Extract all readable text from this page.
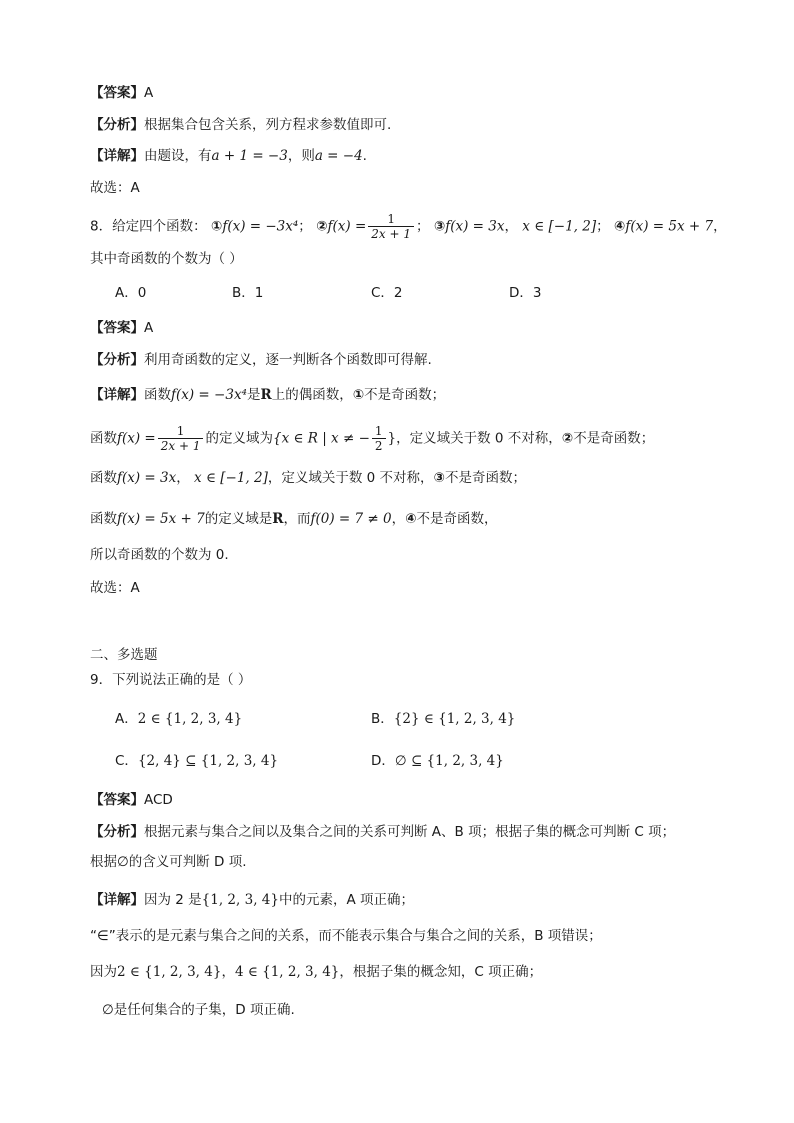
【答案】A
【分析】根据集合包含关系，列方程求参数值即可.
【详解】由题设，有a + 1 = −3，则a = −4.
故选：A
8．给定四个函数： ①f(x) = −3x⁴； ②f(x) = $\frac{1}{2x + 1}$ ； ③f(x) = 3x， x ∈ [−1, 2]； ④f(x) = 5x + 7，
其中奇函数的个数为（ ）
A．0	B．1	C．2	D．3
【答案】A
【分析】利用奇函数的定义，逐一判断各个函数即可得解.
【详解】函数f(x) = −3x⁴是R上的偶函数，①不是奇函数；
函数$f(x) = \frac{1}{2x + 1}$ 的定义域为{x ∈ R | x ≠ − $\frac{1}{2}$ }，定义域关于数 0 不对称，②不是奇函数；
函数f(x) = 3x， x ∈ [−1, 2]，定义域关于数 0 不对称，③不是奇函数；
函数f(x) = 5x + 7的定义域是R，而f(0) = 7 ≠ 0，④不是奇函数，
所以奇函数的个数为 0.
故选：A
二、多选题
9．下列说法正确的是（ ）
A．2 ∈ {1, 2, 3, 4}	B．{2} ∈ {1, 2, 3, 4}
C．{2, 4} ⊆ {1, 2, 3, 4}	D．∅ ⊆ {1, 2, 3, 4}
【答案】ACD
【分析】根据元素与集合之间以及集合之间的关系可判断 A、B 项；根据子集的概念可判断 C 项；
根据∅的含义可判断 D 项.
【详解】因为 2 是{1, 2, 3, 4}中的元素，A 项正确；
“∈”表示的是元素与集合之间的关系，而不能表示集合与集合之间的关系，B 项错误；
因为2 ∈ {1, 2, 3, 4}，4 ∈ {1, 2, 3, 4}，根据子集的概念知，C 项正确；
∅是任何集合的子集，D 项正确.
